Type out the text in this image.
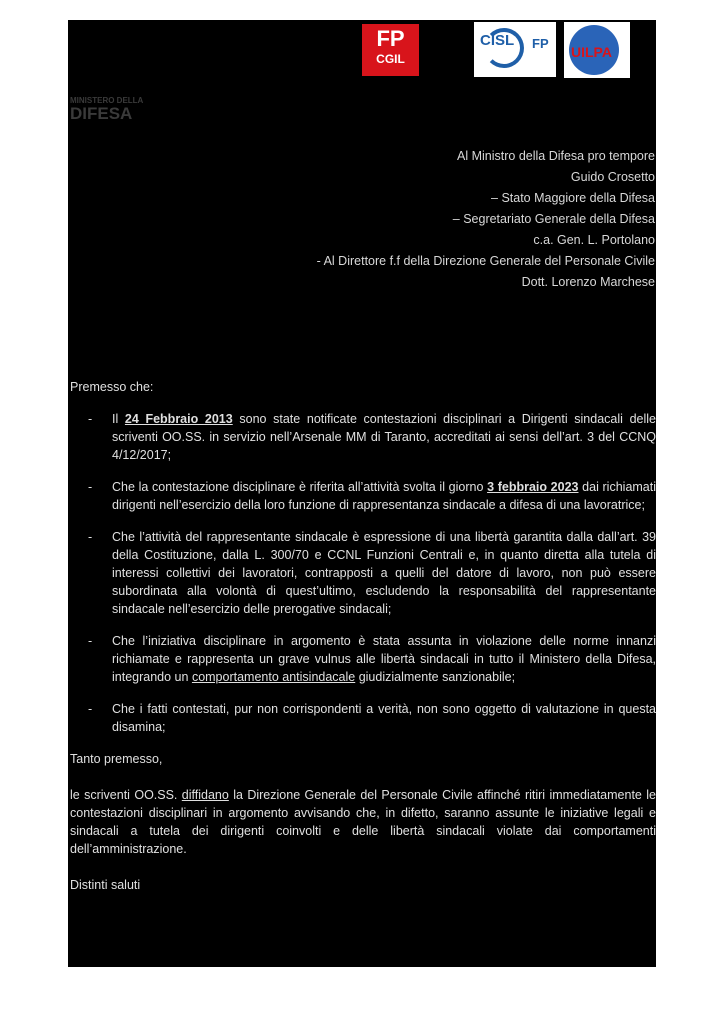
FP
CGIL
CISL FP
UILPA
MINISTERO DELLA
DIFESA
Al Ministro della Difesa pro tempore
Guido Crosetto
– Stato Maggiore della Difesa
– Segretariato Generale della Difesa
c.a. Gen. L. Portolano
- Al Direttore f.f della Direzione Generale del Personale Civile
Dott. Lorenzo Marchese

Premesso che:

- Il 24 Febbraio 2013 sono state notificate contestazioni disciplinari a Dirigenti sindacali delle scriventi OO.SS. in servizio nell’Arsenale MM di Taranto, accreditati ai sensi dell’art. 3 del CCNQ 4/12/2017;
- Che la contestazione disciplinare è riferita all’attività svolta il giorno 3 febbraio 2023 dai richiamati dirigenti nell’esercizio della loro funzione di rappresentanza sindacale a difesa di una lavoratrice;
- Che l’attività del rappresentante sindacale è espressione di una libertà garantita dalla dall’art. 39 della Costituzione, dalla L. 300/70 e CCNL Funzioni Centrali e, in quanto diretta alla tutela di interessi collettivi dei lavoratori, contrapposti a quelli del datore di lavoro, non può essere subordinata alla volontà di quest’ultimo, escludendo la responsabilità del rappresentante sindacale nell’esercizio delle prerogative sindacali;
- Che l’iniziativa disciplinare in argomento è stata assunta in violazione delle norme innanzi richiamate e rappresenta un grave vulnus alle libertà sindacali in tutto il Ministero della Difesa, integrando un comportamento antisindacale giudizialmente sanzionabile;
- Che i fatti contestati, pur non corrispondenti a verità, non sono oggetto di valutazione in questa disamina;

Tanto premesso,

le scriventi OO.SS. diffidano la Direzione Generale del Personale Civile affinché ritiri immediatamente le contestazioni disciplinari in argomento avvisando che, in difetto, saranno assunte le iniziative legali e sindacali a tutela dei dirigenti coinvolti e delle libertà sindacali violate dai comportamenti dell’amministrazione.

Distinti saluti
